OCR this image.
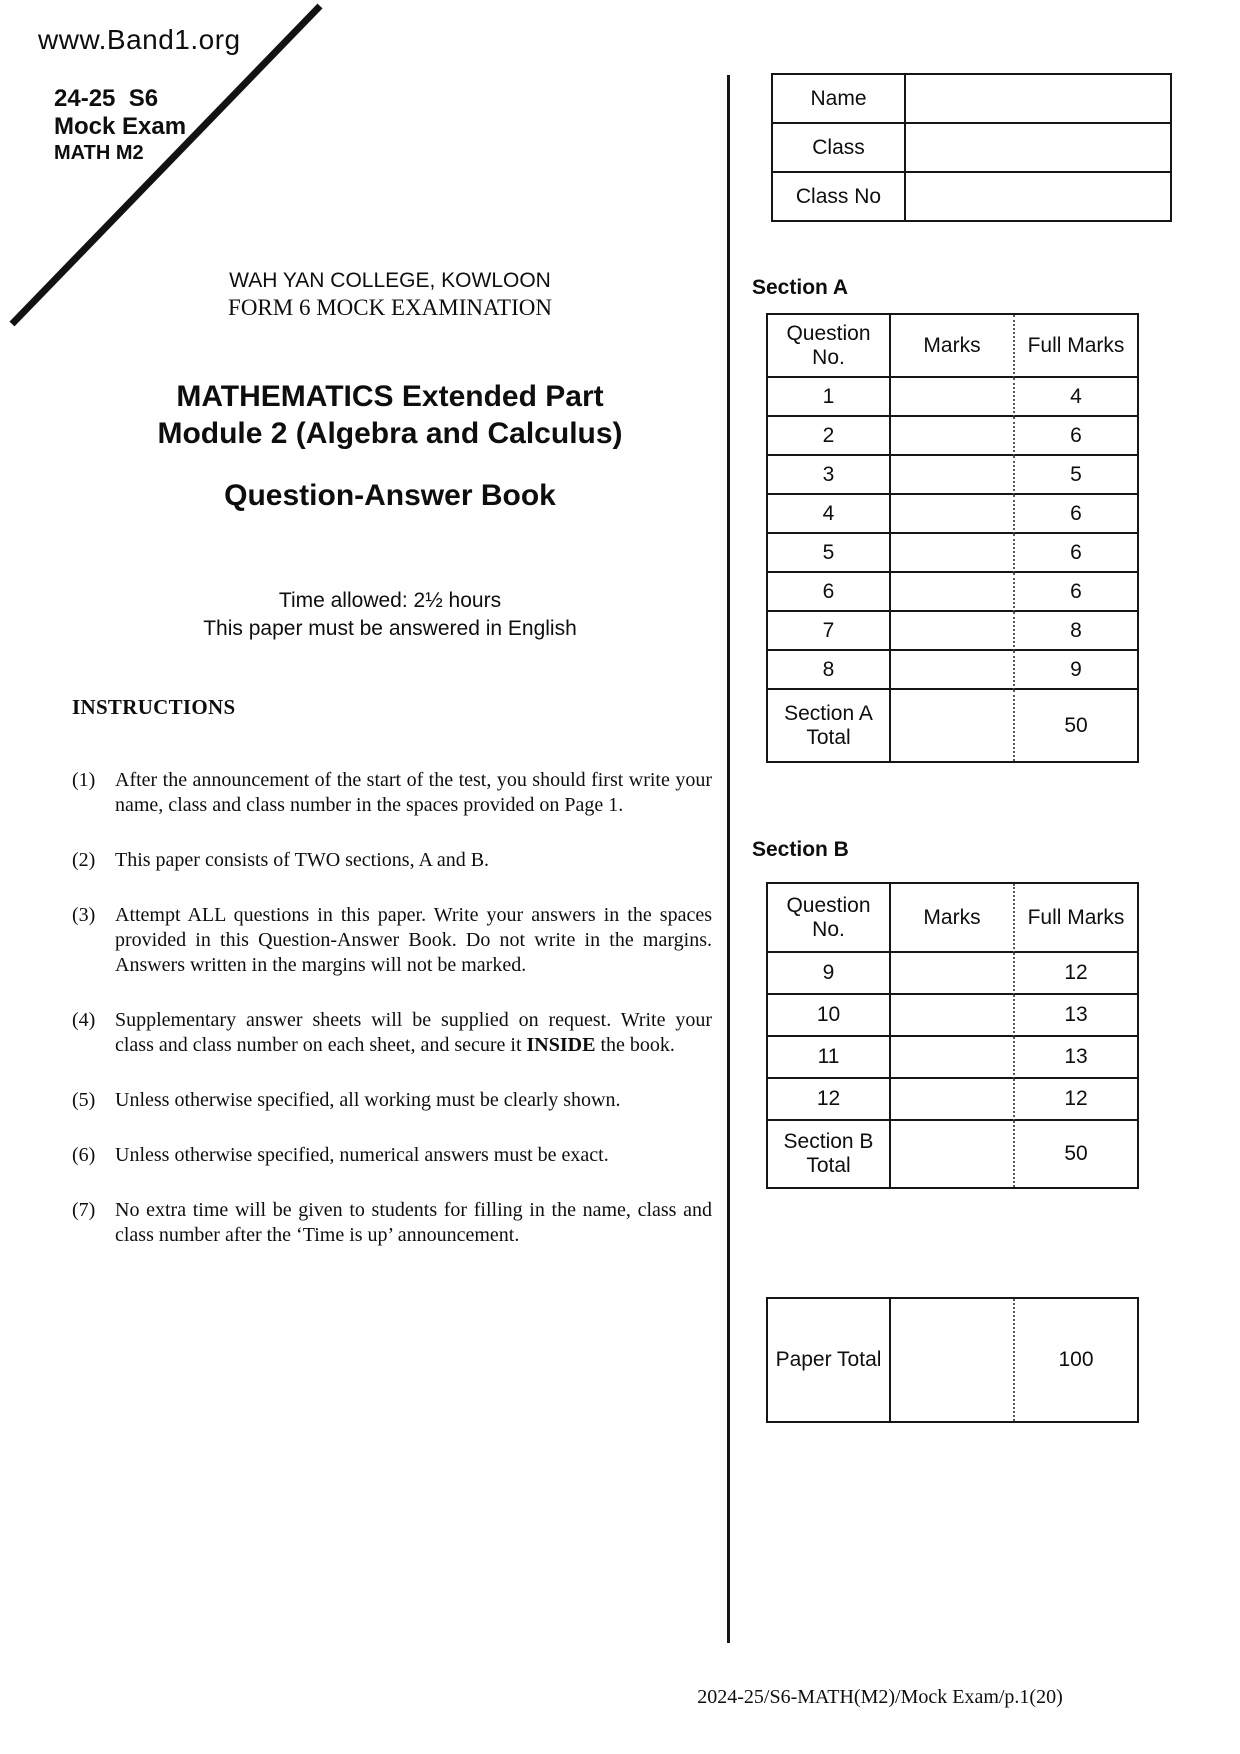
www.Band1.org
24-25  S6
Mock Exam
MATH M2
WAH YAN COLLEGE, KOWLOON
FORM 6 MOCK EXAMINATION
MATHEMATICS Extended Part
Module 2 (Algebra and Calculus)
Question-Answer Book
Time allowed: 2½ hours
This paper must be answered in English
INSTRUCTIONS
(1) After the announcement of the start of the test, you should first write your name, class and class number in the spaces provided on Page 1.
(2) This paper consists of TWO sections, A and B.
(3) Attempt ALL questions in this paper. Write your answers in the spaces provided in this Question-Answer Book. Do not write in the margins. Answers written in the margins will not be marked.
(4) Supplementary answer sheets will be supplied on request. Write your class and class number on each sheet, and secure it INSIDE the book.
(5) Unless otherwise specified, all working must be clearly shown.
(6) Unless otherwise specified, numerical answers must be exact.
(7) No extra time will be given to students for filling in the name, class and class number after the ‘Time is up’ announcement.
Name	
Class	
Class No	
Section A
Question No.	Marks	Full Marks
1		4
2		6
3		5
4		6
5		6
6		6
7		8
8		9
Section A Total		50
Section B
Question No.	Marks	Full Marks
9		12
10		13
11		13
12		12
Section B Total		50
Paper Total		100
2024-25/S6-MATH(M2)/Mock Exam/p.1(20)
